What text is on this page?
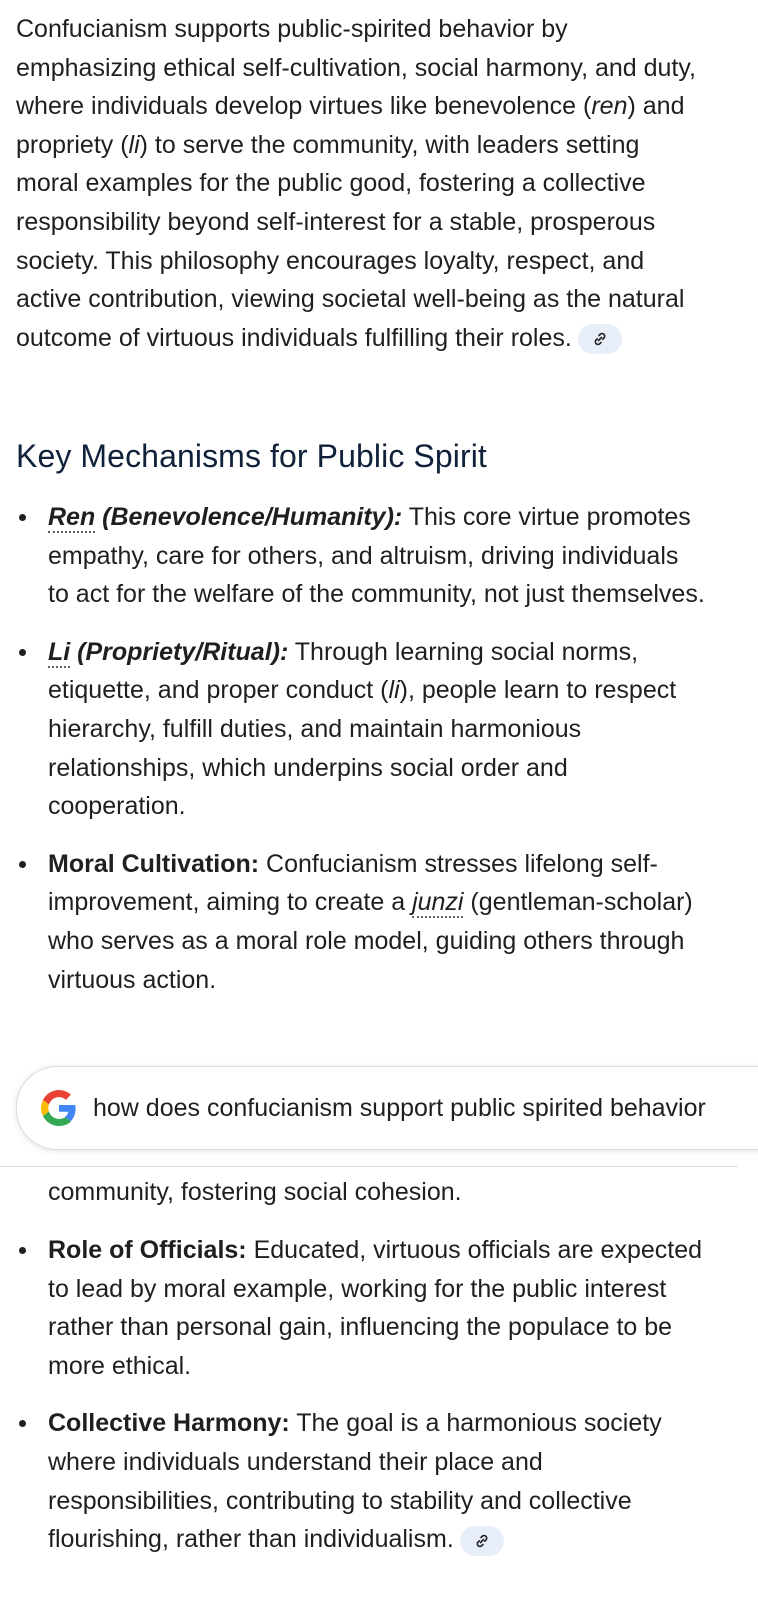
Confucianism supports public-spirited behavior by emphasizing ethical self-cultivation, social harmony, and duty, where individuals develop virtues like benevolence (ren) and propriety (li) to serve the community, with leaders setting moral examples for the public good, fostering a collective responsibility beyond self-interest for a stable, prosperous society. This philosophy encourages loyalty, respect, and active contribution, viewing societal well-being as the natural outcome of virtuous individuals fulfilling their roles.

Key Mechanisms for Public Spirit
Ren (Benevolence/Humanity): This core virtue promotes empathy, care for others, and altruism, driving individuals to act for the welfare of the community, not just themselves.
Li (Propriety/Ritual): Through learning social norms, etiquette, and proper conduct (li), people learn to respect hierarchy, fulfill duties, and maintain harmonious relationships, which underpins social order and cooperation.
Moral Cultivation: Confucianism stresses lifelong self-improvement, aiming to create a junzi (gentleman-scholar) who serves as a moral role model, guiding others through virtuous action.
how does confucianism support public spirited behavior
community, fostering social cohesion.
Role of Officials: Educated, virtuous officials are expected to lead by moral example, working for the public interest rather than personal gain, influencing the populace to be more ethical.
Collective Harmony: The goal is a harmonious society where individuals understand their place and responsibilities, contributing to stability and collective flourishing, rather than individualism.
